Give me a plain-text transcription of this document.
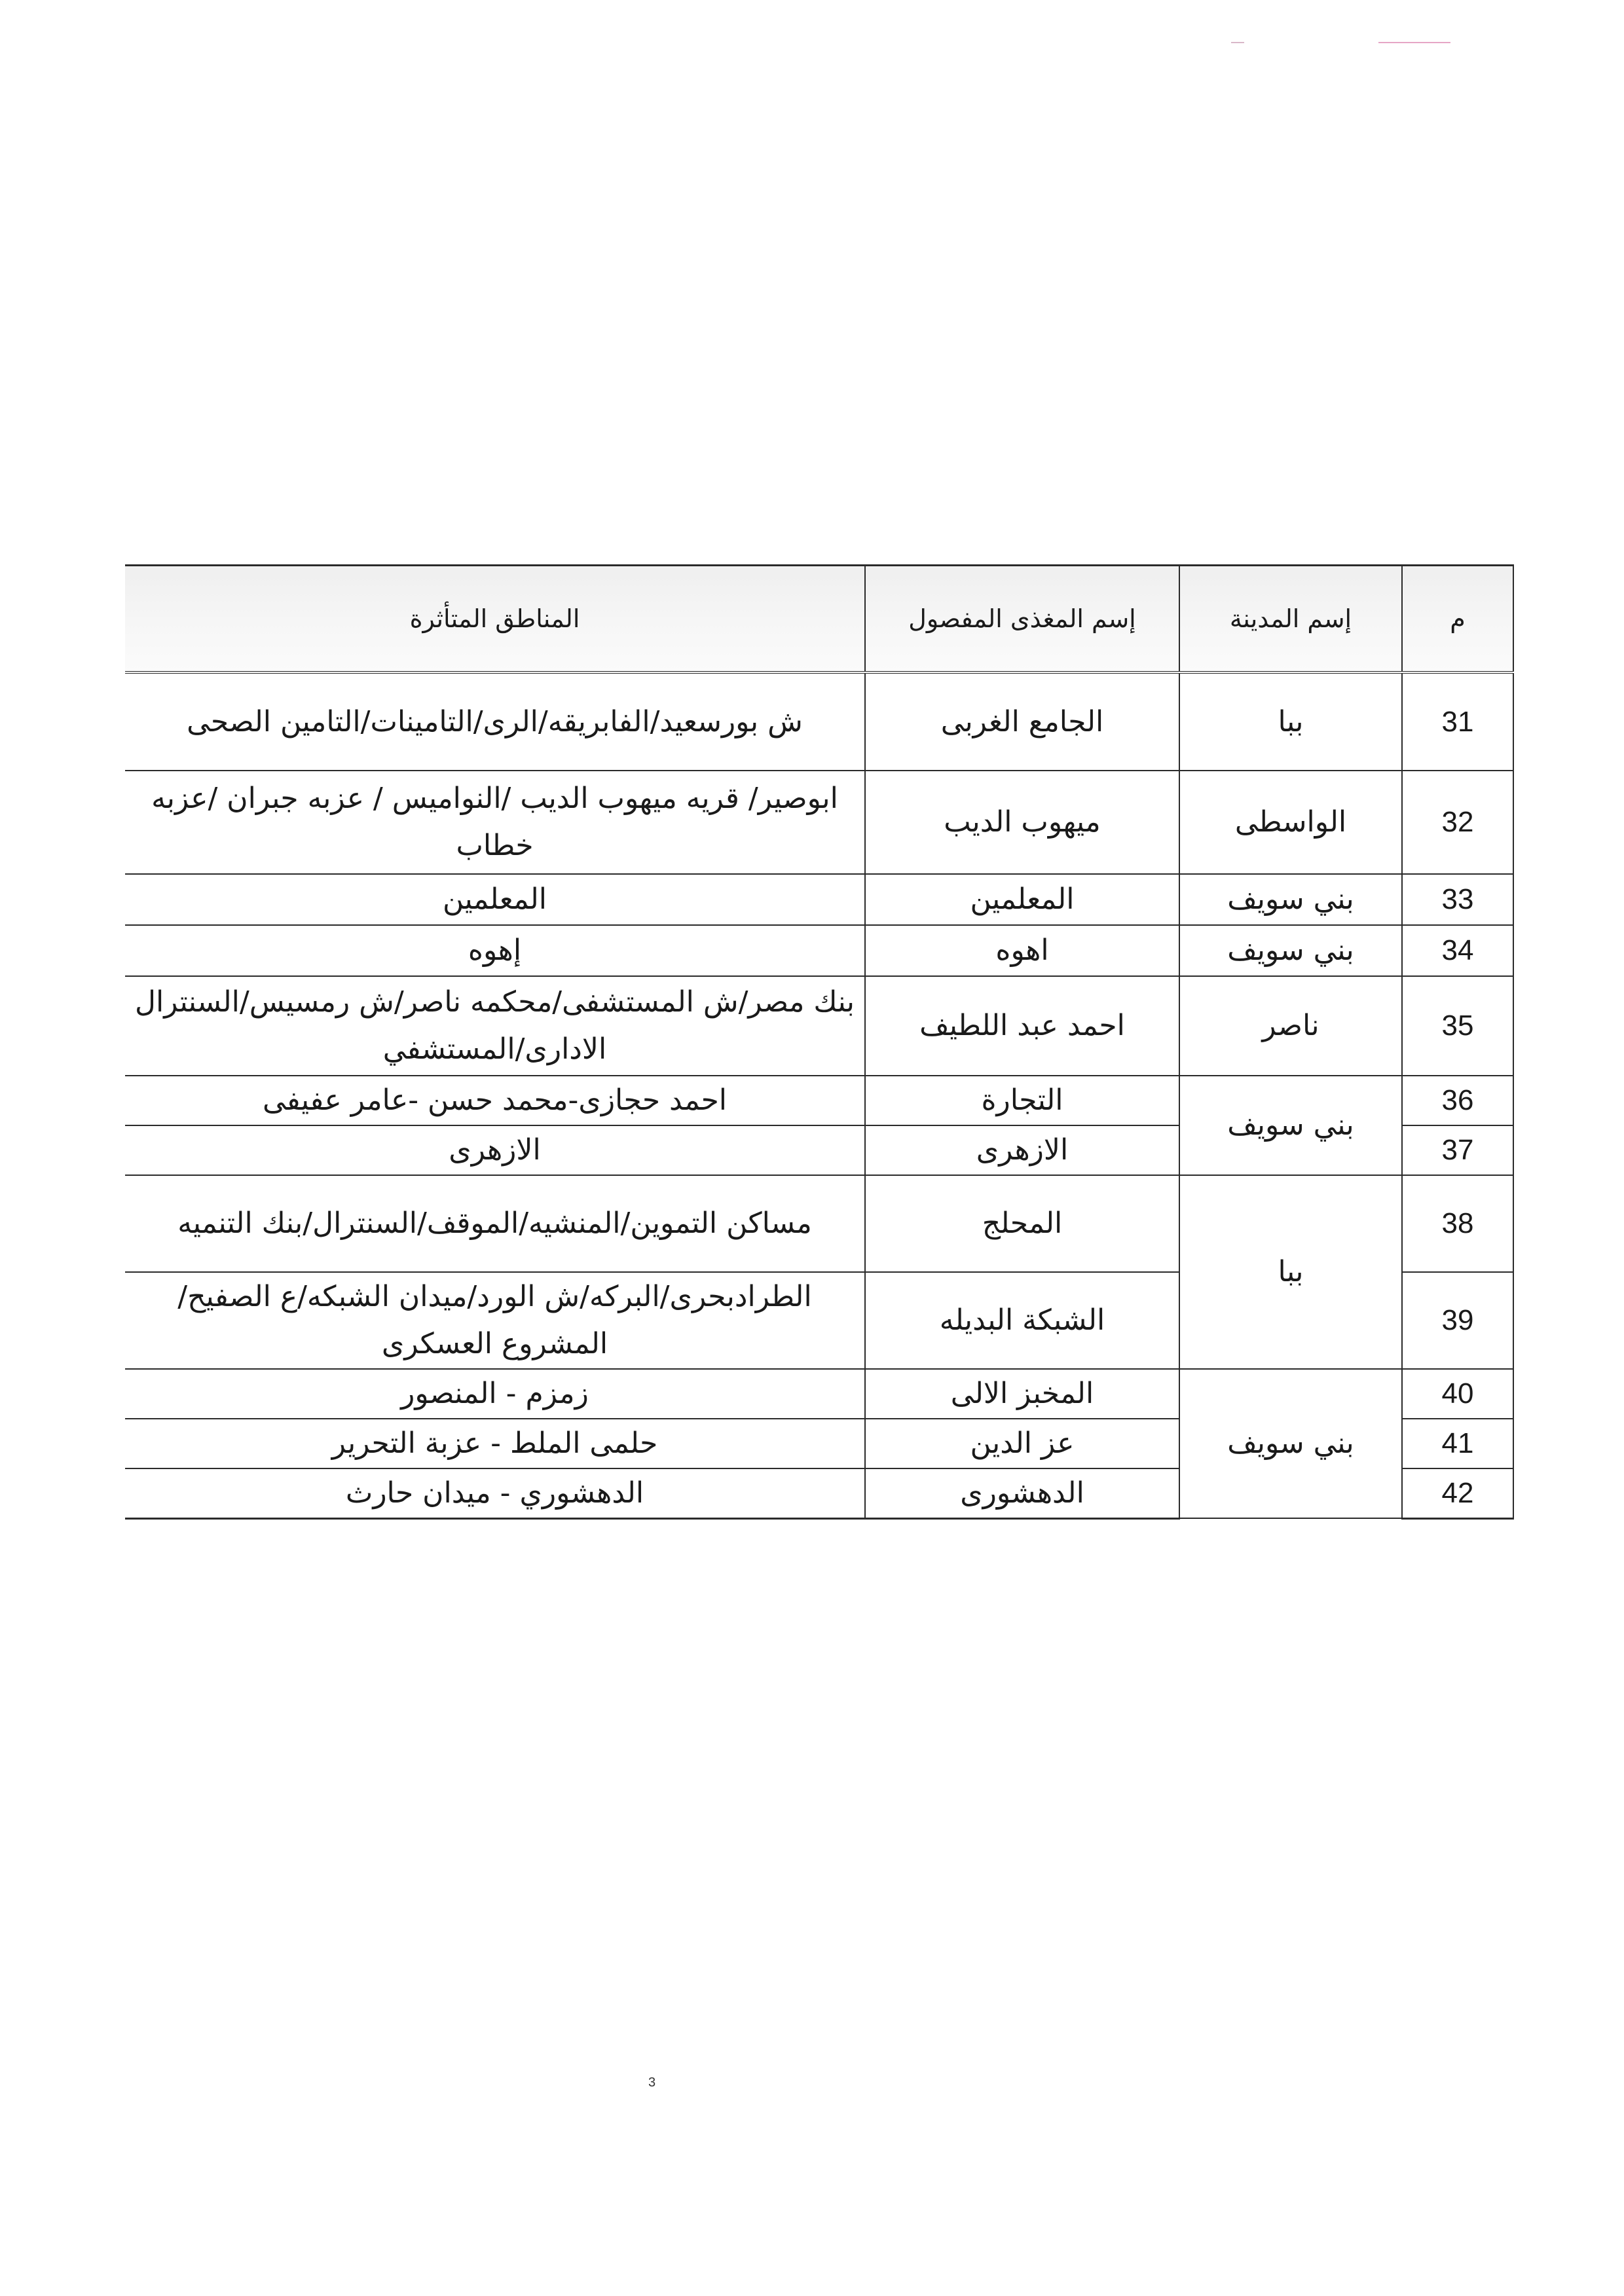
م	إسم المدينة	إسم المغذى المفصول	المناطق المتأثرة
31	ببا	الجامع الغربى	ش بورسعيد/الفابريقه/الرى/التامينات/التامين الصحى
32	الواسطى	ميهوب الديب	ابوصير/ قريه ميهوب الديب /النواميس / عزبه جبران /عزبه خطاب
33	بني سويف	المعلمين	المعلمين
34	بني سويف	اهوه	إهوه
35	ناصر	احمد عبد اللطيف	بنك مصر/ش المستشفى/محكمه ناصر/ش رمسيس/السنترال الادارى/المستشفي
36	بني سويف	التجارة	احمد حجازى-محمد حسن -عامر عفيفى
37		الازهرى	الازهرى
38	ببا	المحلج	مساكن التموين/المنشيه/الموقف/السنترال/بنك التنميه
39		الشبكة البديله	الطرادبحرى/البركه/ش الورد/ميدان الشبكه/ع الصفيح/المشروع العسكرى
40	بني سويف	المخبز الالى	زمزم - المنصور
41		عز الدين	حلمى الملط - عزبة التحرير
42		الدهشورى	الدهشوري - ميدان حارث
3
